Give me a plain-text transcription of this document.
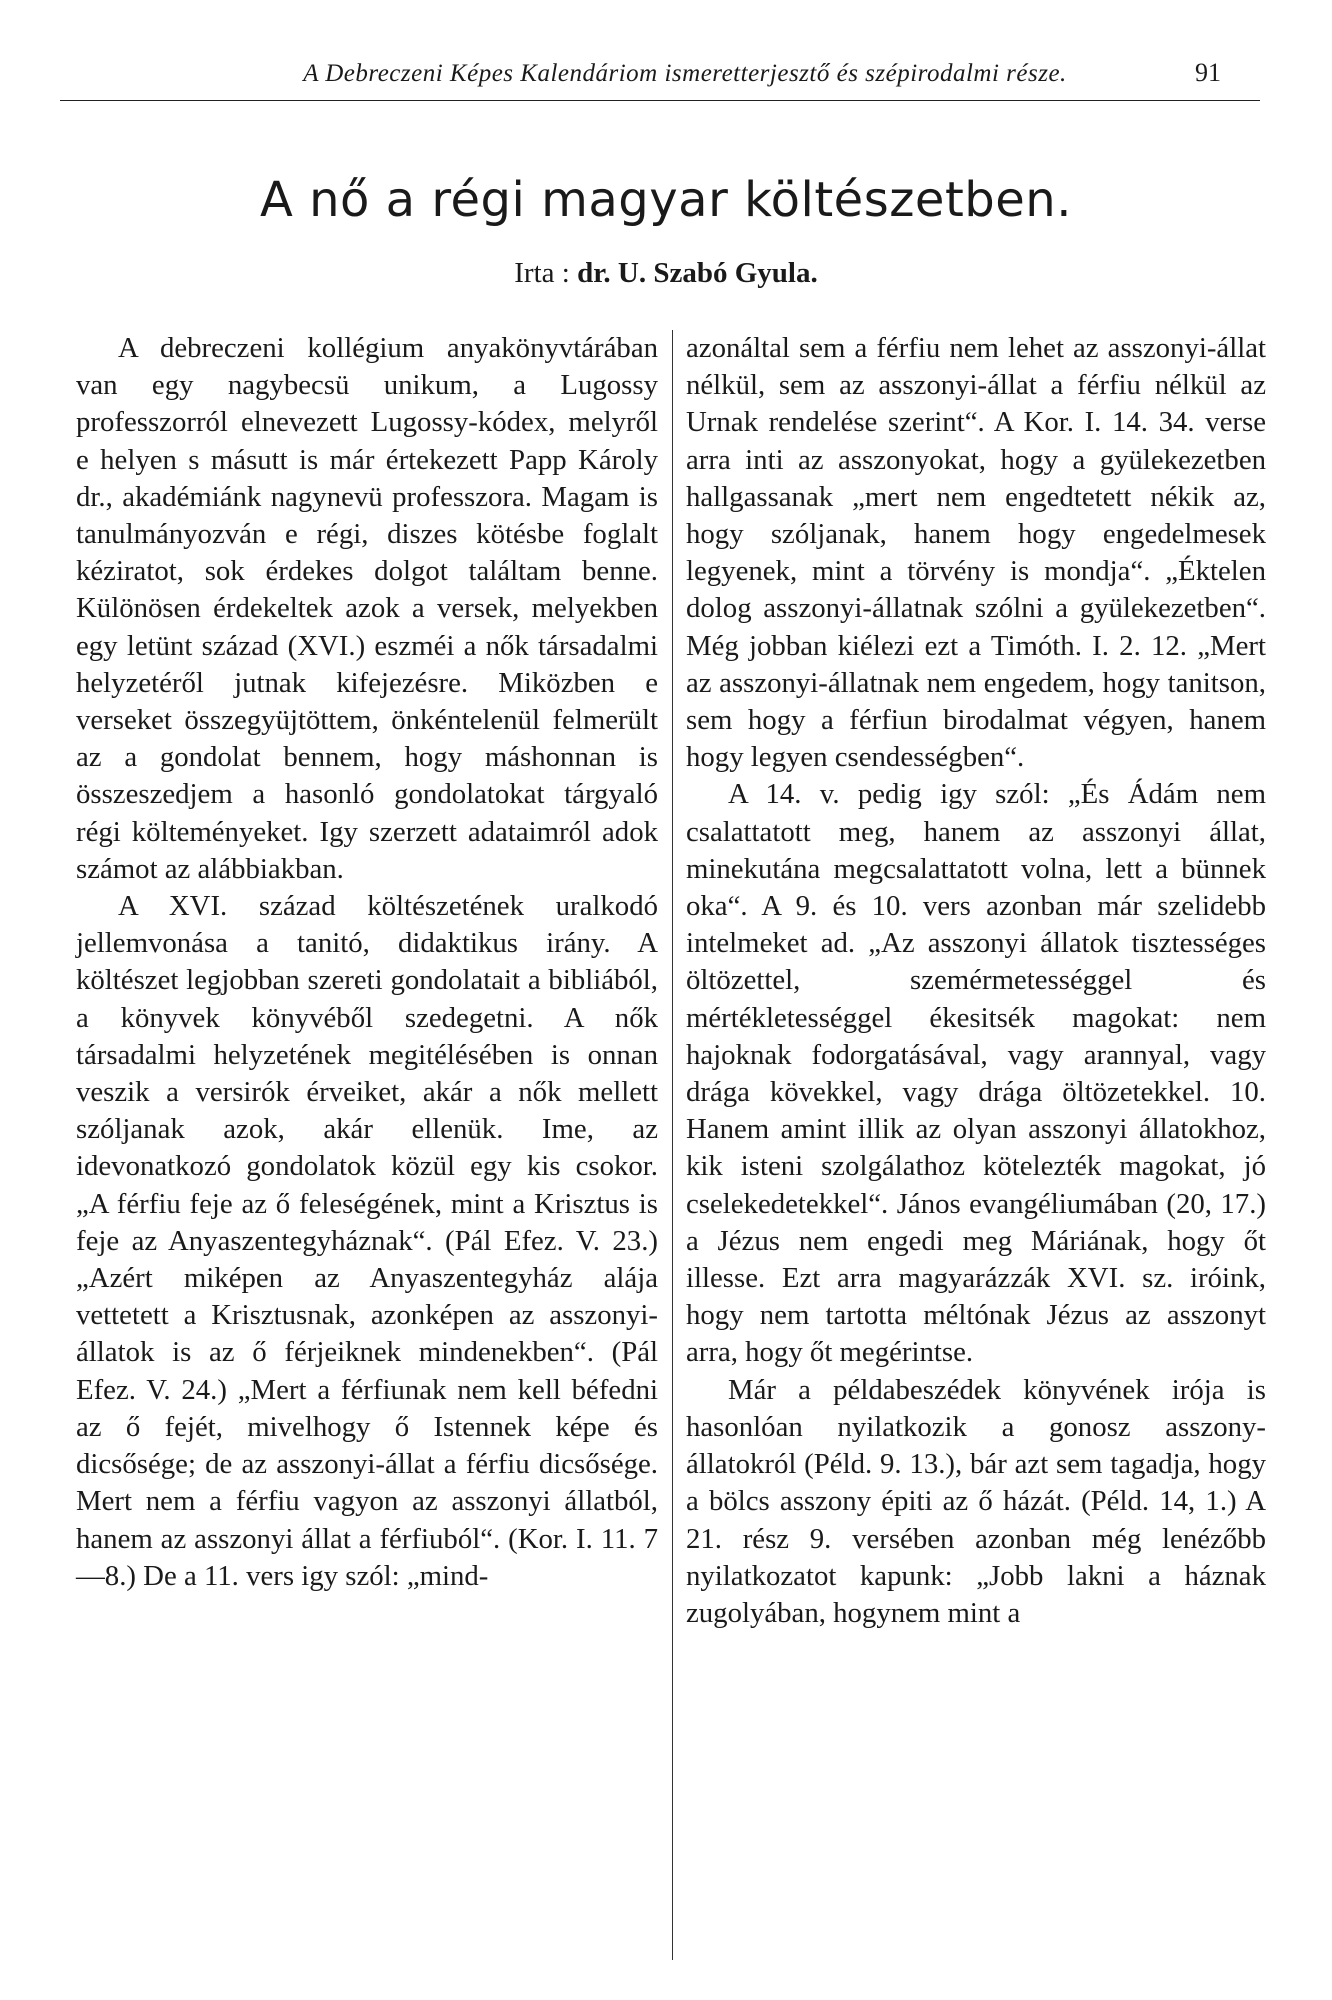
A Debreczeni Képes Kalendáriom ismeretterjesztő és szépirodalmi része.	91
A nő a régi magyar költészetben.
Irta : dr. U. Szabó Gyula.

A debreczeni kollégium anyakönyvtárában van egy nagybecsü unikum, a Lugossy professzorról elnevezett Lugossy-kódex, melyről e helyen s másutt is már értekezett Papp Károly dr., akadémiánk nagynevü professzora. Magam is tanulmányozván e régi, diszes kötésbe foglalt kéziratot, sok érdekes dolgot találtam benne. Különösen érdekeltek azok a versek, melyekben egy letünt század (XVI.) eszméi a nők társadalmi helyzetéről jutnak kifejezésre. Miközben e verseket összegyüjtöttem, önkéntelenül felmerült az a gondolat bennem, hogy máshonnan is összeszedjem a hasonló gondolatokat tárgyaló régi költeményeket. Igy szerzett adataimról adok számot az alábbiakban.

A XVI. század költészetének uralkodó jellemvonása a tanitó, didaktikus irány. A költészet legjobban szereti gondolatait a bibliából, a könyvek könyvéből szedegetni. A nők társadalmi helyzetének megitélésében is onnan veszik a versirók érveiket, akár a nők mellett szóljanak azok, akár ellenük. Ime, az idevonatkozó gondolatok közül egy kis csokor. „A férfiu feje az ő feleségének, mint a Krisztus is feje az Anyaszentegyháznak“. (Pál Efez. V. 23.) „Azért miképen az Anyaszentegyház alája vettetett a Krisztusnak, azonképen az asszonyi-állatok is az ő férjeiknek mindenekben“. (Pál Efez. V. 24.) „Mert a férfiunak nem kell béfedni az ő fejét, mivelhogy ő Istennek képe és dicsősége; de az asszonyi-állat a férfiu dicsősége. Mert nem a férfiu vagyon az asszonyi állatból, hanem az asszonyi állat a férfiuból“. (Kor. I. 11. 7—8.) De a 11. vers igy szól: „mind-

azonáltal sem a férfiu nem lehet az asszonyi-állat nélkül, sem az asszonyi-állat a férfiu nélkül az Urnak rendelése szerint“. A Kor. I. 14. 34. verse arra inti az asszonyokat, hogy a gyülekezetben hallgassanak „mert nem engedtetett nékik az, hogy szóljanak, hanem hogy engedelmesek legyenek, mint a törvény is mondja“. „Éktelen dolog asszonyi-állatnak szólni a gyülekezetben“. Még jobban kiélezi ezt a Timóth. I. 2. 12. „Mert az asszonyi-állatnak nem engedem, hogy tanitson, sem hogy a férfiun birodalmat végyen, hanem hogy legyen csendességben“.

A 14. v. pedig igy szól: „És Ádám nem csalattatott meg, hanem az asszonyi állat, minekutána megcsalattatott volna, lett a bünnek oka“. A 9. és 10. vers azonban már szelidebb intelmeket ad. „Az asszonyi állatok tisztességes öltözettel, szemérmetességgel és mértékletességgel ékesitsék magokat: nem hajoknak fodorgatásával, vagy arannyal, vagy drága kövekkel, vagy drága öltözetekkel. 10. Hanem amint illik az olyan asszonyi állatokhoz, kik isteni szolgálathoz kötelezték magokat, jó cselekedetekkel“. János evangéliumában (20, 17.) a Jézus nem engedi meg Máriának, hogy őt illesse. Ezt arra magyarázzák XVI. sz. iróink, hogy nem tartotta méltónak Jézus az asszonyt arra, hogy őt megérintse.

Már a példabeszédek könyvének irója is hasonlóan nyilatkozik a gonosz asszony-állatokról (Péld. 9. 13.), bár azt sem tagadja, hogy a bölcs asszony épiti az ő házát. (Péld. 14, 1.) A 21. rész 9. versében azonban még lenézőbb nyilatkozatot kapunk: „Jobb lakni a háznak zugolyában, hogynem mint a
